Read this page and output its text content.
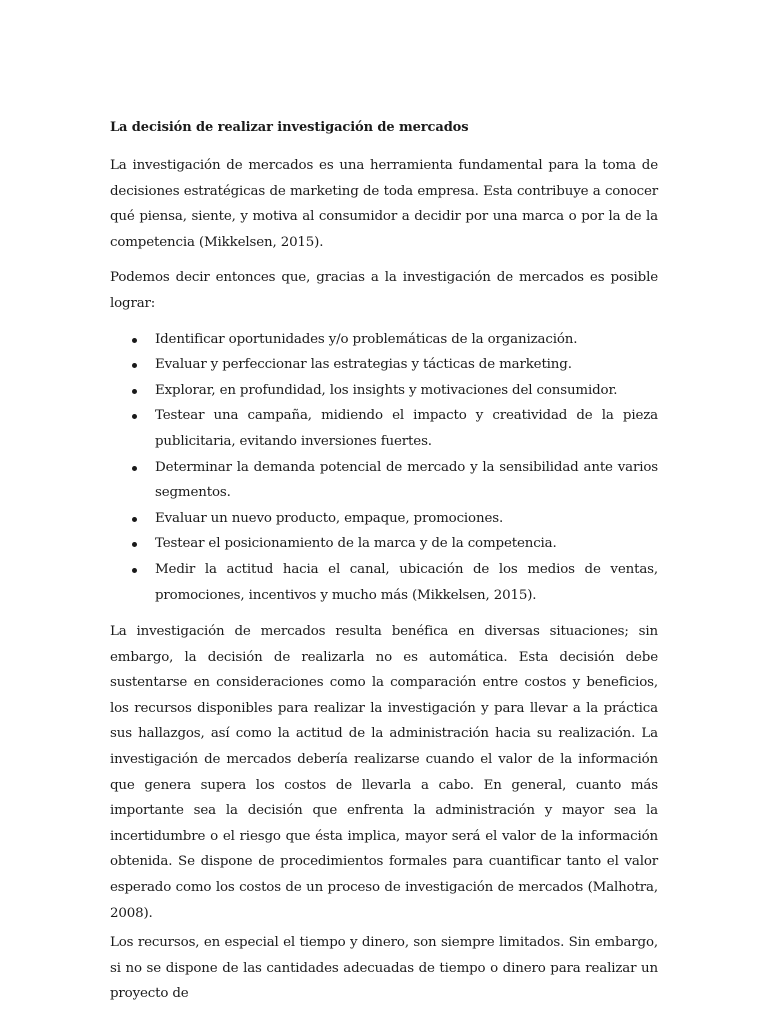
La decisión de realizar investigación de mercados

La investigación de mercados es una herramienta fundamental para la toma de decisiones estratégicas de marketing de toda empresa. Esta contribuye a conocer qué piensa, siente, y motiva al consumidor a decidir por una marca o por la de la competencia (Mikkelsen, 2015).

Podemos decir entonces que, gracias a la investigación de mercados es posible lograr:

Identificar oportunidades y/o problemáticas de la organización.
Evaluar y perfeccionar las estrategias y tácticas de marketing.
Explorar, en profundidad, los insights y motivaciones del consumidor.
Testear una campaña, midiendo el impacto y creatividad de la pieza publicitaria, evitando inversiones fuertes.
Determinar la demanda potencial de mercado y la sensibilidad ante varios segmentos.
Evaluar un nuevo producto, empaque, promociones.
Testear el posicionamiento de la marca y de la competencia.
Medir la actitud hacia el canal, ubicación de los medios de ventas, promociones, incentivos y mucho más (Mikkelsen, 2015).

La investigación de mercados resulta benéfica en diversas situaciones; sin embargo, la decisión de realizarla no es automática. Esta decisión debe sustentarse en consideraciones como la comparación entre costos y beneficios, los recursos disponibles para realizar la investigación y para llevar a la práctica sus hallazgos, así como la actitud de la administración hacia su realización. La investigación de mercados debería realizarse cuando el valor de la información que genera supera los costos de llevarla a cabo. En general, cuanto más importante sea la decisión que enfrenta la administración y mayor sea la incertidumbre o el riesgo que ésta implica, mayor será el valor de la información obtenida. Se dispone de procedimientos formales para cuantificar tanto el valor esperado como los costos de un proceso de investigación de mercados (Malhotra, 2008).

Los recursos, en especial el tiempo y dinero, son siempre limitados. Sin embargo, si no se dispone de las cantidades adecuadas de tiempo o dinero para realizar un proyecto de
